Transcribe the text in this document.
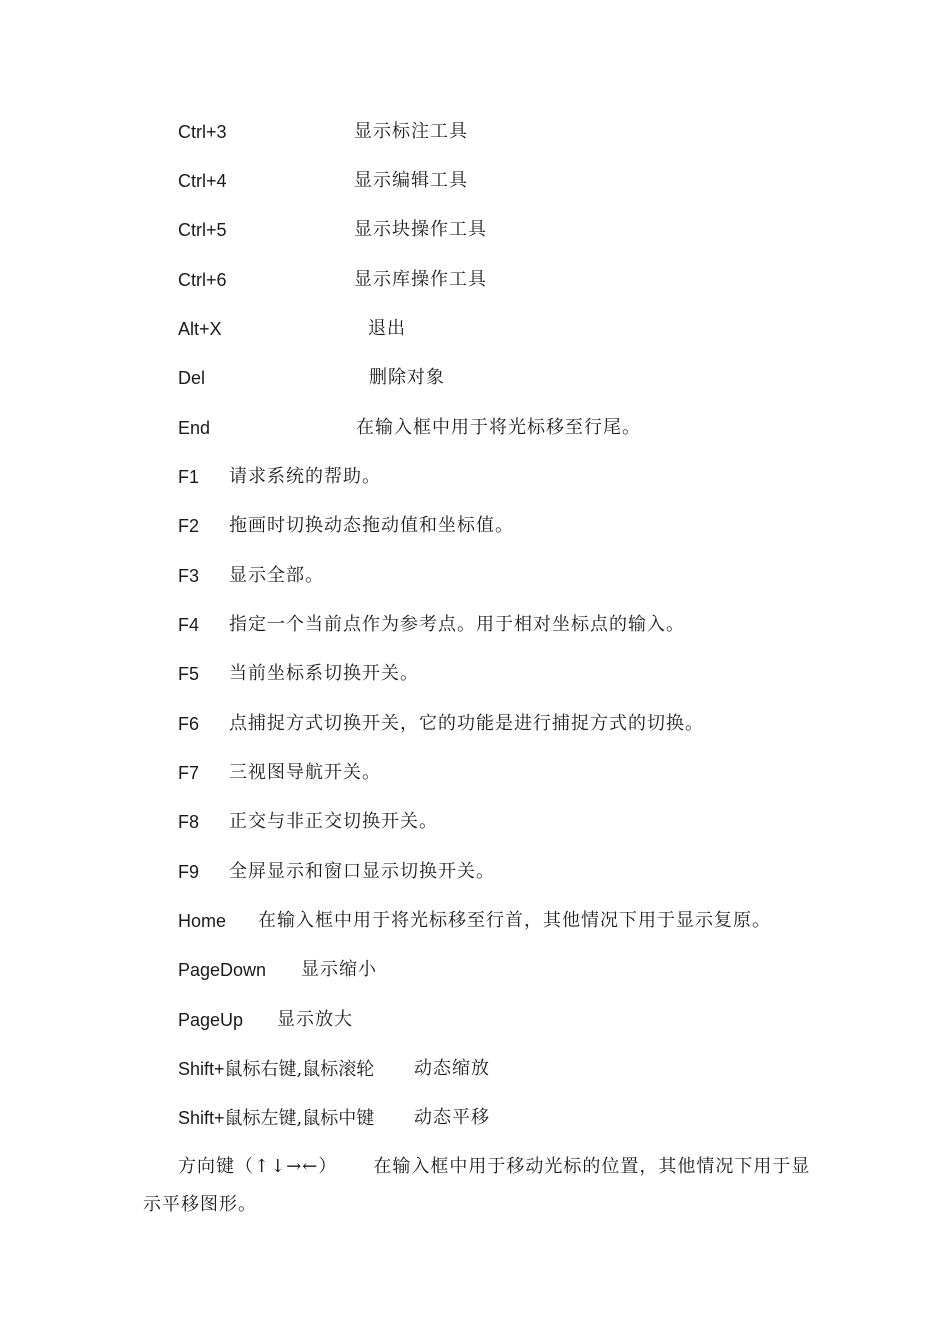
Ctrl+3	显示标注工具
Ctrl+4	显示编辑工具
Ctrl+5	显示块操作工具
Ctrl+6	显示库操作工具
Alt+X	退出
Del	删除对象
End	在输入框中用于将光标移至行尾。
F1 请求系统的帮助。
F2 拖画时切换动态拖动值和坐标值。
F3 显示全部。
F4 指定一个当前点作为参考点。用于相对坐标点的输入。
F5 当前坐标系切换开关。
F6 点捕捉方式切换开关，它的功能是进行捕捉方式的切换。
F7 三视图导航开关。
F8 正交与非正交切换开关。
F9 全屏显示和窗口显示切换开关。
Home 在输入框中用于将光标移至行首，其他情况下用于显示复原。
PageDown 显示缩小
PageUp 显示放大
Shift+鼠标右键,鼠标滚轮 动态缩放
Shift+鼠标左键,鼠标中键 动态平移
方向键（↑↓→←） 在输入框中用于移动光标的位置，其他情况下用于显示平移图形。
